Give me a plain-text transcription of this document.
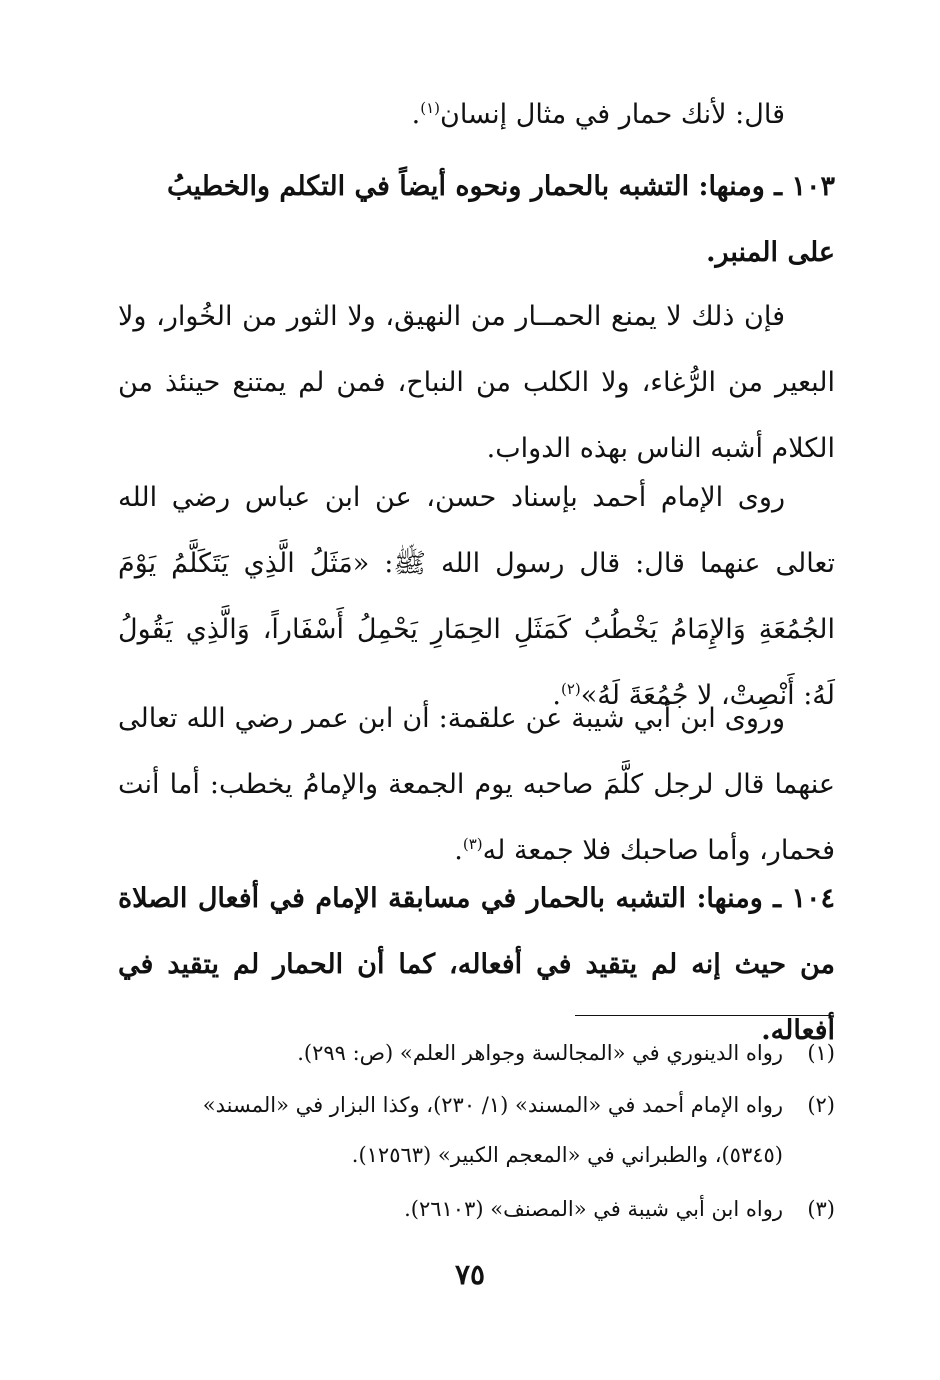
قال: لأنك حمار في مثال إنسان$^{(١)}$.
١٠٣ ـ ومنها: التشبه بالحمار ونحوه أيضاً في التكلم والخطيبُ
على المنبر.
فإن ذلك لا يمنع الحمــار من النهيق، ولا الثور من الخُوار، ولا البعير من الرُّغاء، ولا الكلب من النباح، فمن لم يمتنع حينئذ من الكلام أشبه الناس بهذه الدواب.
روى الإمام أحمد بإسناد حسن، عن ابن عباس رضي الله تعالى عنهما قال: قال رسول الله ﷺ: «مَثَلُ الَّذِي يَتَكَلَّمُ يَوْمَ الجُمُعَةِ وَالإِمَامُ يَخْطُبُ كَمَثَلِ الحِمَارِ يَحْمِلُ أَسْفَاراً، وَالَّذِي يَقُولُ لَهُ: أَنْصِتْ، لا جُمُعَةَ لَهُ»$^{(٢)}$.
وروى ابن أبي شيبة عن علقمة: أن ابن عمر رضي الله تعالى عنهما قال لرجل كلَّمَ صاحبه يوم الجمعة والإمامُ يخطب: أما أنت فحمار، وأما صاحبك فلا جمعة له$^{(٣)}$.
١٠٤ ـ ومنها: التشبه بالحمار في مسابقة الإمام في أفعال الصلاة من حيث إنه لم يتقيد في أفعاله، كما أن الحمار لم يتقيد في أفعاله.
(١)رواه الدينوري في «المجالسة وجواهر العلم» (ص: ٢٩٩).
(٢)رواه الإمام أحمد في «المسند» (١/ ٢٣٠)، وكذا البزار في «المسند»
(٥٣٤٥)، والطبراني في «المعجم الكبير» (١٢٥٦٣).
(٣)رواه ابن أبي شيبة في «المصنف» (٢٦١٠٣).
٧٥
